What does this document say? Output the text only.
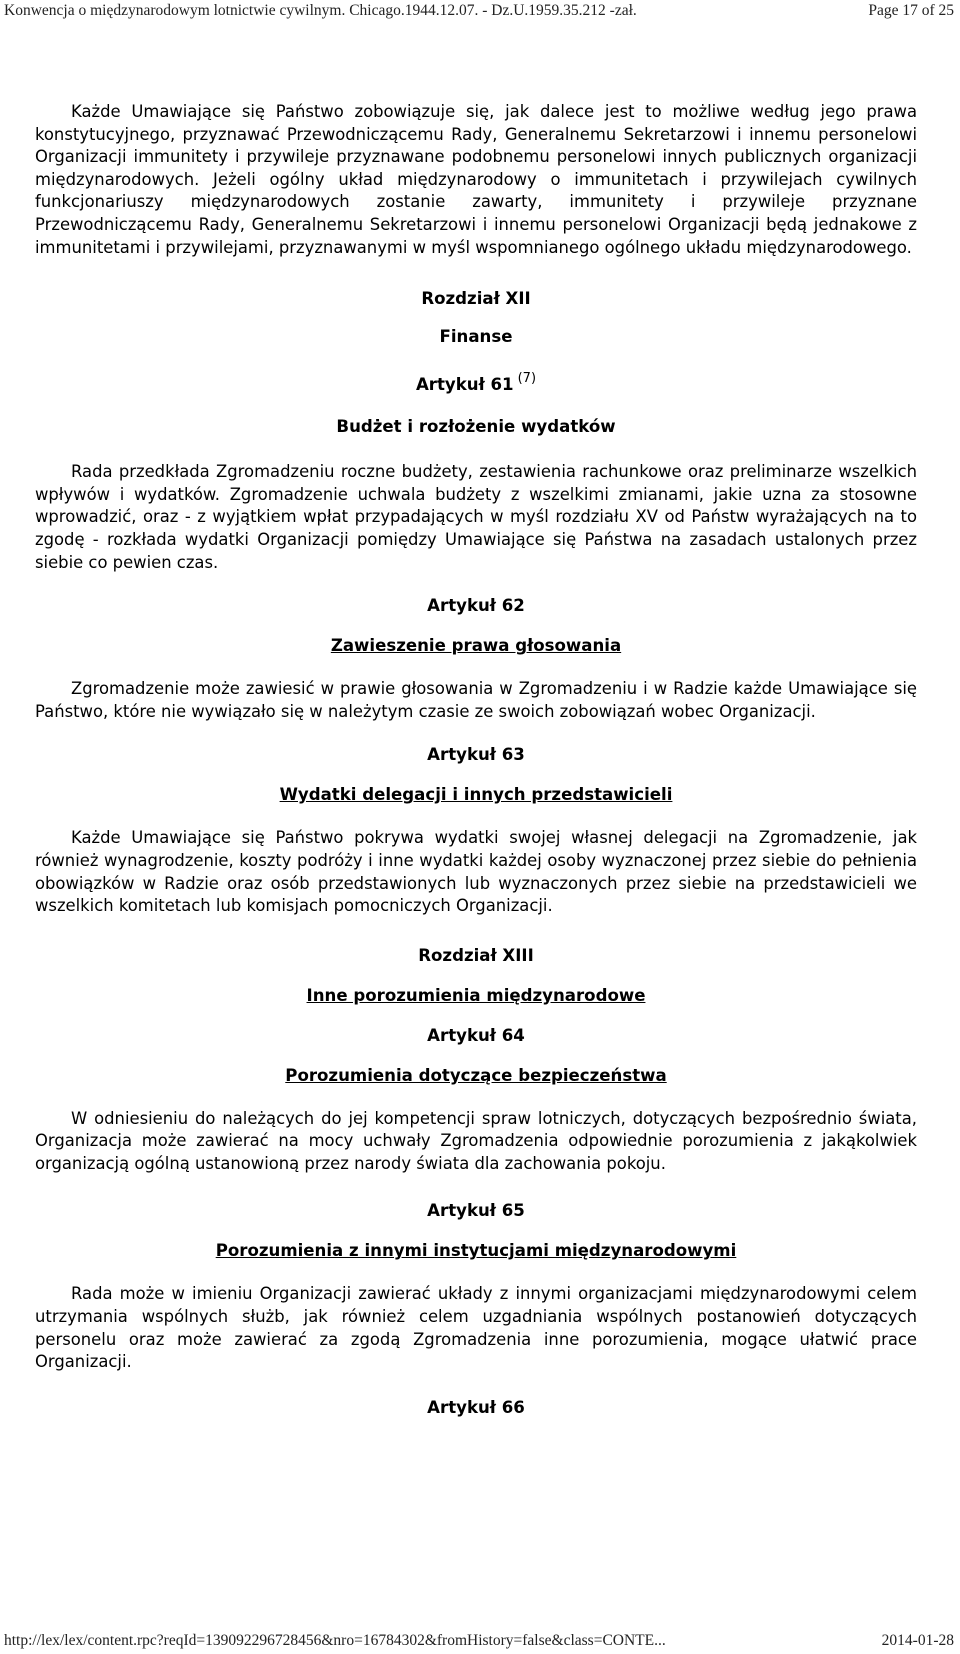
Konwencja o międzynarodowym lotnictwie cywilnym. Chicago.1944.12.07. - Dz.U.1959.35.212 -zał.	Page 17 of 25

Każde Umawiające się Państwo zobowiązuje się, jak dalece jest to możliwe według jego prawa konstytucyjnego, przyznawać Przewodniczącemu Rady, Generalnemu Sekretarzowi i innemu personelowi Organizacji immunitety i przywileje przyznawane podobnemu personelowi innych publicznych organizacji międzynarodowych. Jeżeli ogólny układ międzynarodowy o immunitetach i przywilejach cywilnych funkcjonariuszy międzynarodowych zostanie zawarty, immunitety i przywileje przyznane Przewodniczącemu Rady, Generalnemu Sekretarzowi i innemu personelowi Organizacji będą jednakowe z immunitetami i przywilejami, przyznawanymi w myśl wspomnianego ogólnego układu międzynarodowego.

Rozdział XII

Finanse

Artykuł 61 $^{(7)}$

Budżet i rozłożenie wydatków

Rada przedkłada Zgromadzeniu roczne budżety, zestawienia rachunkowe oraz preliminarze wszelkich wpływów i wydatków. Zgromadzenie uchwala budżety z wszelkimi zmianami, jakie uzna za stosowne wprowadzić, oraz - z wyjątkiem wpłat przypadających w myśl rozdziału XV od Państw wyrażających na to zgodę - rozkłada wydatki Organizacji pomiędzy Umawiające się Państwa na zasadach ustalonych przez siebie co pewien czas.

Artykuł 62

Zawieszenie prawa głosowania

Zgromadzenie może zawiesić w prawie głosowania w Zgromadzeniu i w Radzie każde Umawiające się Państwo, które nie wywiązało się w należytym czasie ze swoich zobowiązań wobec Organizacji.

Artykuł 63

Wydatki delegacji i innych przedstawicieli

Każde Umawiające się Państwo pokrywa wydatki swojej własnej delegacji na Zgromadzenie, jak również wynagrodzenie, koszty podróży i inne wydatki każdej osoby wyznaczonej przez siebie do pełnienia obowiązków w Radzie oraz osób przedstawionych lub wyznaczonych przez siebie na przedstawicieli we wszelkich komitetach lub komisjach pomocniczych Organizacji.

Rozdział XIII

Inne porozumienia międzynarodowe

Artykuł 64

Porozumienia dotyczące bezpieczeństwa

W odniesieniu do należących do jej kompetencji spraw lotniczych, dotyczących bezpośrednio świata, Organizacja może zawierać na mocy uchwały Zgromadzenia odpowiednie porozumienia z jakąkolwiek organizacją ogólną ustanowioną przez narody świata dla zachowania pokoju.

Artykuł 65

Porozumienia z innymi instytucjami międzynarodowymi

Rada może w imieniu Organizacji zawierać układy z innymi organizacjami międzynarodowymi celem utrzymania wspólnych służb, jak również celem uzgadniania wspólnych postanowień dotyczących personelu oraz może zawierać za zgodą Zgromadzenia inne porozumienia, mogące ułatwić prace Organizacji.

Artykuł 66

http://lex/lex/content.rpc?reqId=139092296728456&nro=16784302&fromHistory=false&class=CONTE...	2014-01-28
